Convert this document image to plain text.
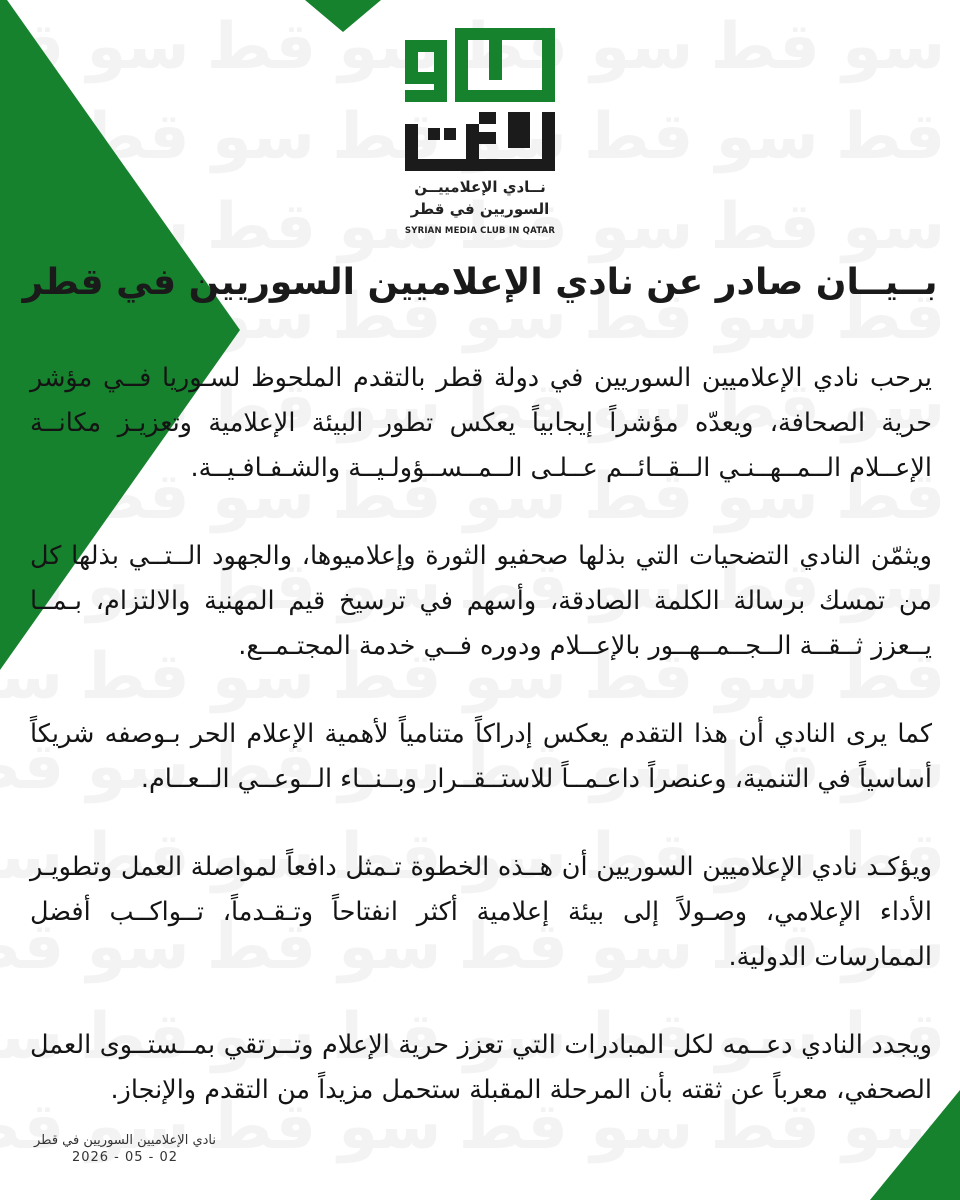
نــادي الإعلامييــن
السوريين في قطر
SYRIAN MEDIA CLUB IN QATAR
بــيــان صادر عن نادي الإعلاميين السوريين في قطر

يرحب نادي الإعلاميين السوريين في دولة قطر بالتقدم الملحوظ لسـوريا فــي مؤشر حرية الصحافة، ويعدّه مؤشراً إيجابياً يعكس تطور البيئة الإعلامية وتعزيـز مكانــة الإعــلام الــمــهــنـي الــقــائــم عــلـى الــمــســؤولـيــة والشـفـافـيــة.

ويثمّن النادي التضحيات التي بذلها صحفيو الثورة وإعلاميوها، والجهود الــتــي بذلها كل من تمسك برسالة الكلمة الصادقة، وأسهم في ترسيخ قيم المهنية والالتزام، بـمــا يــعزز ثــقــة الــجــمــهــور بالإعــلام ودوره فــي خدمة المجتـمــع.

كما يرى النادي أن هذا التقدم يعكس إدراكاً متنامياً لأهمية الإعلام الحر بـوصفه شريكاً أساسياً في التنمية، وعنصراً داعـمــاً للاستــقــرار وبــنــاء الــوعــي الــعــام.

ويؤكـد نادي الإعلاميين السوريين أن هــذه الخطوة تـمثل دافعاً لمواصلة العمل وتطويـر الأداء الإعلامي، وصـولاً إلى بيئة إعلامية أكثر انفتاحاً وتـقـدماً، تــواكــب أفضل الممارسات الدولية.

ويجدد النادي دعــمه لكل المبادرات التي تعزز حرية الإعلام وتــرتقي بمــستــوى العمل الصحفي، معرباً عن ثقته بأن المرحلة المقبلة ستحمل مزيداً من التقدم والإنجاز.

نادي الإعلاميين السوريين في قطر
2026 - 05 - 02
